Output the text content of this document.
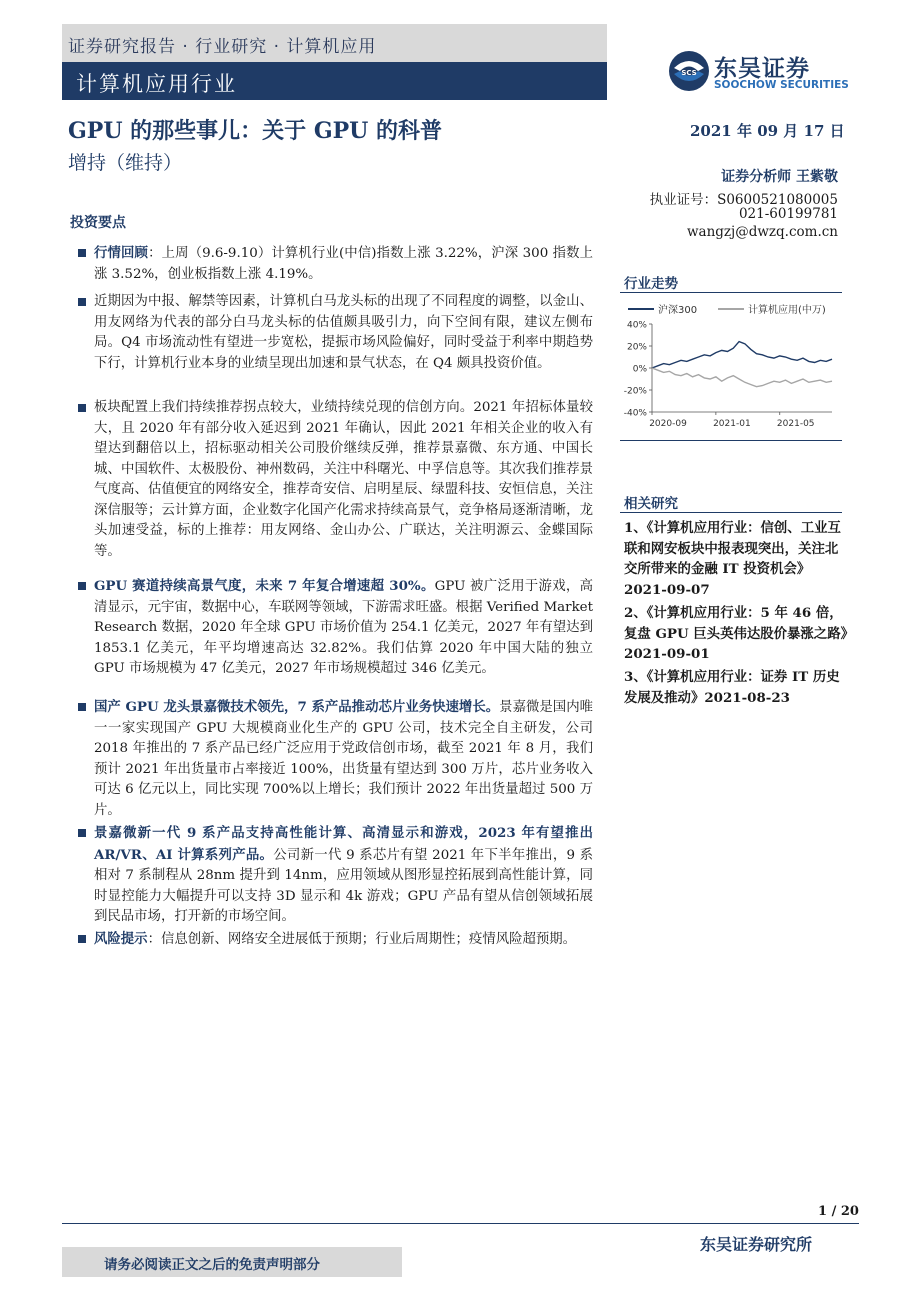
证券研究报告 · 行业研究 · 计算机应用
计算机应用行业	SCS 东吴证券
SOOCHOW SECURITIES
GPU 的那些事儿：关于 GPU 的科普
增持（维持）
2021 年 09 月 17 日
证券分析师 王紫敬
执业证号：S0600521080005
021-60199781
wangzj@dwzq.com.cn
投资要点
行情回顾：上周（9.6-9.10）计算机行业(中信)指数上涨 3.22%，沪深 300 指数上涨 3.52%，创业板指数上涨 4.19%。
近期因为中报、解禁等因素，计算机白马龙头标的出现了不同程度的调整，以金山、用友网络为代表的部分白马龙头标的估值颇具吸引力，向下空间有限，建议左侧布局。Q4 市场流动性有望进一步宽松，提振市场风险偏好，同时受益于利率中期趋势下行，计算机行业本身的业绩呈现出加速和景气状态，在 Q4 颇具投资价值。
板块配置上我们持续推荐拐点较大，业绩持续兑现的信创方向。2021 年招标体量较大，且 2020 年有部分收入延迟到 2021 年确认，因此 2021 年相关企业的收入有望达到翻倍以上，招标驱动相关公司股价继续反弹，推荐景嘉微、东方通、中国长城、中国软件、太极股份、神州数码，关注中科曙光、中孚信息等。其次我们推荐景气度高、估值便宜的网络安全，推荐奇安信、启明星辰、绿盟科技、安恒信息，关注深信服等；云计算方面，企业数字化国产化需求持续高景气，竞争格局逐渐清晰，龙头加速受益，标的上推荐：用友网络、金山办公、广联达，关注明源云、金蝶国际等。
GPU 赛道持续高景气度，未来 7 年复合增速超 30%。GPU 被广泛用于游戏，高清显示，元宇宙，数据中心，车联网等领域，下游需求旺盛。根据 Verified Market Research 数据，2020 年全球 GPU 市场价值为 254.1 亿美元，2027 年有望达到 1853.1 亿美元，年平均增速高达 32.82%。我们估算 2020 年中国大陆的独立 GPU 市场规模为 47 亿美元，2027 年市场规模超过 346 亿美元。
国产 GPU 龙头景嘉微技术领先，7 系产品推动芯片业务快速增长。景嘉微是国内唯一一家实现国产 GPU 大规模商业化生产的 GPU 公司，技术完全自主研发，公司 2018 年推出的 7 系产品已经广泛应用于党政信创市场，截至 2021 年 8 月，我们预计 2021 年出货量市占率接近 100%，出货量有望达到 300 万片，芯片业务收入可达 6 亿元以上，同比实现 700%以上增长；我们预计 2022 年出货量超过 500 万片。
景嘉微新一代 9 系产品支持高性能计算、高清显示和游戏，2023 年有望推出 AR/VR、AI 计算系列产品。公司新一代 9 系芯片有望 2021 年下半年推出，9 系相对 7 系制程从 28nm 提升到 14nm，应用领域从图形显控拓展到高性能计算，同时显控能力大幅提升可以支持 3D 显示和 4k 游戏；GPU 产品有望从信创领域拓展到民品市场，打开新的市场空间。
风险提示：信息创新、网络安全进展低于预期；行业后周期性；疫情风险超预期。
行业走势
沪深300	计算机应用(中万)
40%
20%
0%
-20%
-40%
2020-09	2021-01	2021-05
相关研究
1、《计算机应用行业：信创、工业互联和网安板块中报表现突出，关注北交所带来的金融 IT 投资机会》2021-09-07
2、《计算机应用行业：5 年 46 倍，复盘 GPU 巨头英伟达股价暴涨之路》2021-09-01
3、《计算机应用行业：证券 IT 历史发展及推动》2021-08-23
1 / 20
东吴证券研究所
请务必阅读正文之后的免责声明部分
